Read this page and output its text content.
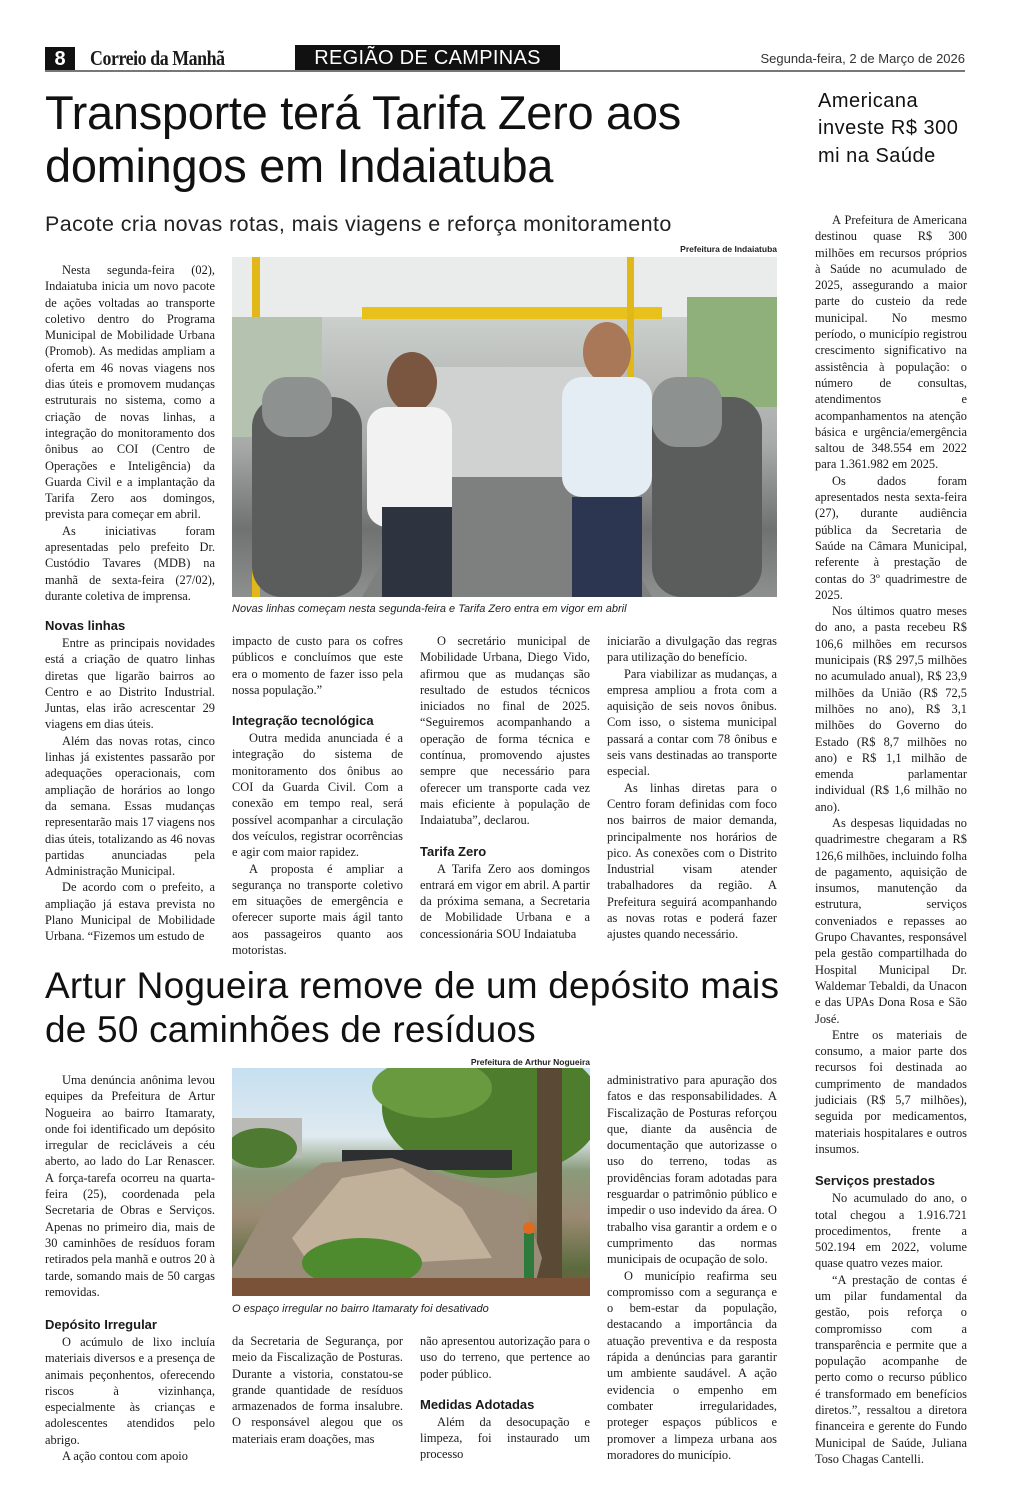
8	Correio da Manhã	REGIÃO DE CAMPINAS	Segunda-feira, 2 de Março de 2026
Transporte terá Tarifa Zero aos domingos em Indaiatuba
Pacote cria novas rotas, mais viagens e reforça monitoramento
Prefeitura de Indaiatuba

Nesta segunda-feira (02), Indaiatuba inicia um novo pacote de ações voltadas ao transporte coletivo dentro do Programa Municipal de Mobilidade Urbana (Promob). As medidas ampliam a oferta em 46 novas viagens nos dias úteis e promovem mudanças estruturais no sistema, como a criação de novas linhas, a integração do monitoramento dos ônibus ao COI (Centro de Operações e Inteligência) da Guarda Civil e a implantação da Tarifa Zero aos domingos, prevista para começar em abril.

As iniciativas foram apresentadas pelo prefeito Dr. Custódio Tavares (MDB) na manhã de sexta-feira (27/02), durante coletiva de imprensa.

Novas linhas começam nesta segunda-feira e Tarifa Zero entra em vigor em abril
Novas linhas

Entre as principais novidades está a criação de quatro linhas diretas que ligarão bairros ao Centro e ao Distrito Industrial. Juntas, elas irão acrescentar 29 viagens em dias úteis.

Além das novas rotas, cinco linhas já existentes passarão por adequações operacionais, com ampliação de horários ao longo da semana. Essas mudanças representarão mais 17 viagens nos dias úteis, totalizando as 46 novas partidas anunciadas pela Administração Municipal.

De acordo com o prefeito, a ampliação já estava prevista no Plano Municipal de Mobilidade Urbana. “Fizemos um estudo de

impacto de custo para os cofres públicos e concluímos que este era o momento de fazer isso pela nossa população.”

Integração tecnológica

Outra medida anunciada é a integração do sistema de monitoramento dos ônibus ao COI da Guarda Civil. Com a conexão em tempo real, será possível acompanhar a circulação dos veículos, registrar ocorrências e agir com maior rapidez.

A proposta é ampliar a segurança no transporte coletivo em situações de emergência e oferecer suporte mais ágil tanto aos passageiros quanto aos motoristas.

O secretário municipal de Mobilidade Urbana, Diego Vido, afirmou que as mudanças são resultado de estudos técnicos iniciados no final de 2025. “Seguiremos acompanhando a operação de forma técnica e contínua, promovendo ajustes sempre que necessário para oferecer um transporte cada vez mais eficiente à população de Indaiatuba”, declarou.

Tarifa Zero

A Tarifa Zero aos domingos entrará em vigor em abril. A partir da próxima semana, a Secretaria de Mobilidade Urbana e a concessionária SOU Indaiatuba

iniciarão a divulgação das regras para utilização do benefício.

Para viabilizar as mudanças, a empresa ampliou a frota com a aquisição de seis novos ônibus. Com isso, o sistema municipal passará a contar com 78 ônibus e seis vans destinadas ao transporte especial.

As linhas diretas para o Centro foram definidas com foco nos bairros de maior demanda, principalmente nos horários de pico. As conexões com o Distrito Industrial visam atender trabalhadores da região. A Prefeitura seguirá acompanhando as novas rotas e poderá fazer ajustes quando necessário.

Artur Nogueira remove de um depósito mais de 50 caminhões de resíduos
Prefeitura de Arthur Nogueira

Uma denúncia anônima levou equipes da Prefeitura de Artur Nogueira ao bairro Itamaraty, onde foi identificado um depósito irregular de recicláveis a céu aberto, ao lado do Lar Renascer. A força-tarefa ocorreu na quarta-feira (25), coordenada pela Secretaria de Obras e Serviços. Apenas no primeiro dia, mais de 30 caminhões de resíduos foram retirados pela manhã e outros 20 à tarde, somando mais de 50 cargas removidas.

O espaço irregular no bairro Itamaraty foi desativado
Depósito Irregular

O acúmulo de lixo incluía materiais diversos e a presença de animais peçonhentos, oferecendo riscos à vizinhança, especialmente às crianças e adolescentes atendidos pelo abrigo.

A ação contou com apoio

da Secretaria de Segurança, por meio da Fiscalização de Posturas. Durante a vistoria, constatou-se grande quantidade de resíduos armazenados de forma insalubre. O responsável alegou que os materiais eram doações, mas

não apresentou autorização para o uso do terreno, que pertence ao poder público.

Medidas Adotadas

Além da desocupação e limpeza, foi instaurado um processo

administrativo para apuração dos fatos e das responsabilidades. A Fiscalização de Posturas reforçou que, diante da ausência de documentação que autorizasse o uso do terreno, todas as providências foram adotadas para resguardar o patrimônio público e impedir o uso indevido da área. O trabalho visa garantir a ordem e o cumprimento das normas municipais de ocupação de solo.

O município reafirma seu compromisso com a segurança e o bem-estar da população, destacando a importância da atuação preventiva e da resposta rápida a denúncias para garantir um ambiente saudável. A ação evidencia o empenho em combater irregularidades, proteger espaços públicos e promover a limpeza urbana aos moradores do município.

Americana investe R$ 300 mi na Saúde

A Prefeitura de Americana destinou quase R$ 300 milhões em recursos próprios à Saúde no acumulado de 2025, assegurando a maior parte do custeio da rede municipal. No mesmo período, o município registrou crescimento significativo na assistência à população: o número de consultas, atendimentos e acompanhamentos na atenção básica e urgência/emergência saltou de 348.554 em 2022 para 1.361.982 em 2025.

Os dados foram apresentados nesta sexta-feira (27), durante audiência pública da Secretaria de Saúde na Câmara Municipal, referente à prestação de contas do 3º quadrimestre de 2025.

Nos últimos quatro meses do ano, a pasta recebeu R$ 106,6 milhões em recursos municipais (R$ 297,5 milhões no acumulado anual), R$ 23,9 milhões da União (R$ 72,5 milhões no ano), R$ 3,1 milhões do Governo do Estado (R$ 8,7 milhões no ano) e R$ 1,1 milhão de emenda parlamentar individual (R$ 1,6 milhão no ano).

As despesas liquidadas no quadrimestre chegaram a R$ 126,6 milhões, incluindo folha de pagamento, aquisição de insumos, manutenção da estrutura, serviços conveniados e repasses ao Grupo Chavantes, responsável pela gestão compartilhada do Hospital Municipal Dr. Waldemar Tebaldi, da Unacon e das UPAs Dona Rosa e São José.

Entre os materiais de consumo, a maior parte dos recursos foi destinada ao cumprimento de mandados judiciais (R$ 5,7 milhões), seguida por medicamentos, materiais hospitalares e outros insumos.

Serviços prestados

No acumulado do ano, o total chegou a 1.916.721 procedimentos, frente a 502.194 em 2022, volume quase quatro vezes maior.

“A prestação de contas é um pilar fundamental da gestão, pois reforça o compromisso com a transparência e permite que a população acompanhe de perto como o recurso público é transformado em benefícios diretos.”, ressaltou a diretora financeira e gerente do Fundo Municipal de Saúde, Juliana Toso Chagas Cantelli.
